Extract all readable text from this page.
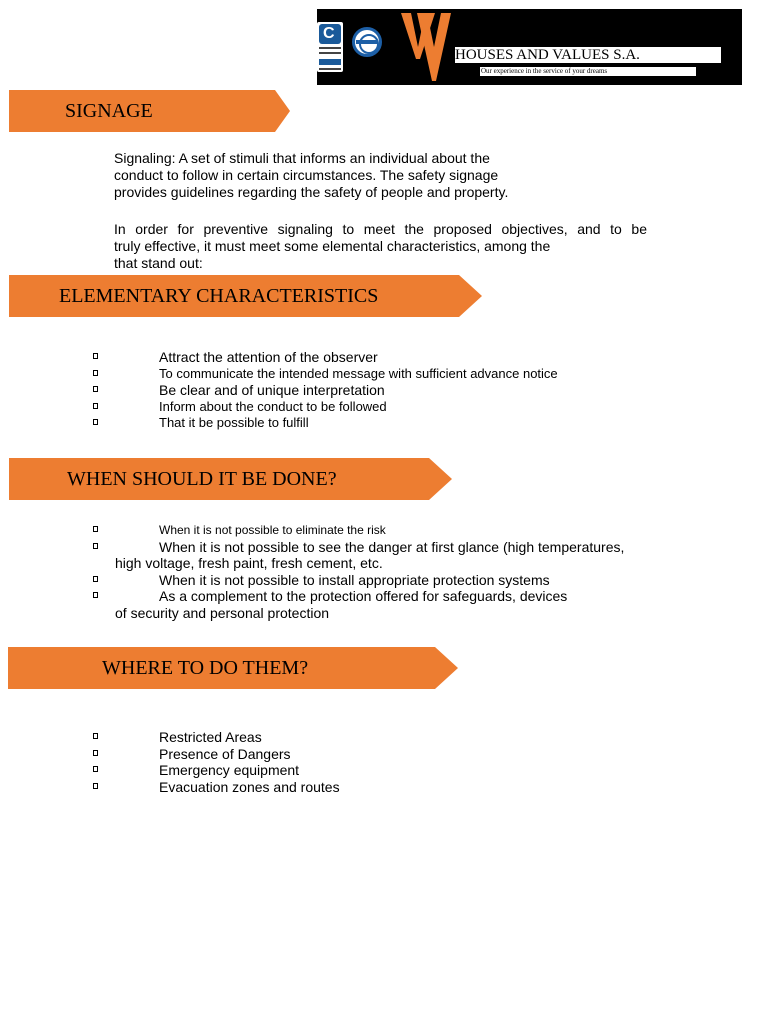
C
HOUSES AND VALUES S.A.
Our experience in the service of your dreams
SIGNAGE
Signaling: A set of stimuli that informs an individual about the
conduct to follow in certain circumstances. The safety signage
provides guidelines regarding the safety of people and property.
In order for preventive signaling to meet the proposed objectives, and to be
truly effective, it must meet some elemental characteristics, among the
that stand out:
ELEMENTARY CHARACTERISTICS
Attract the attention of the observer
To communicate the intended message with sufficient advance notice
Be clear and of unique interpretation
Inform about the conduct to be followed
That it be possible to fulfill
WHEN SHOULD IT BE DONE?
When it is not possible to eliminate the risk
When it is not possible to see the danger at first glance (high temperatures,
high voltage, fresh paint, fresh cement, etc.
When it is not possible to install appropriate protection systems
As a complement to the protection offered for safeguards, devices
of security and personal protection
WHERE TO DO THEM?
Restricted Areas
Presence of Dangers
Emergency equipment
Evacuation zones and routes
